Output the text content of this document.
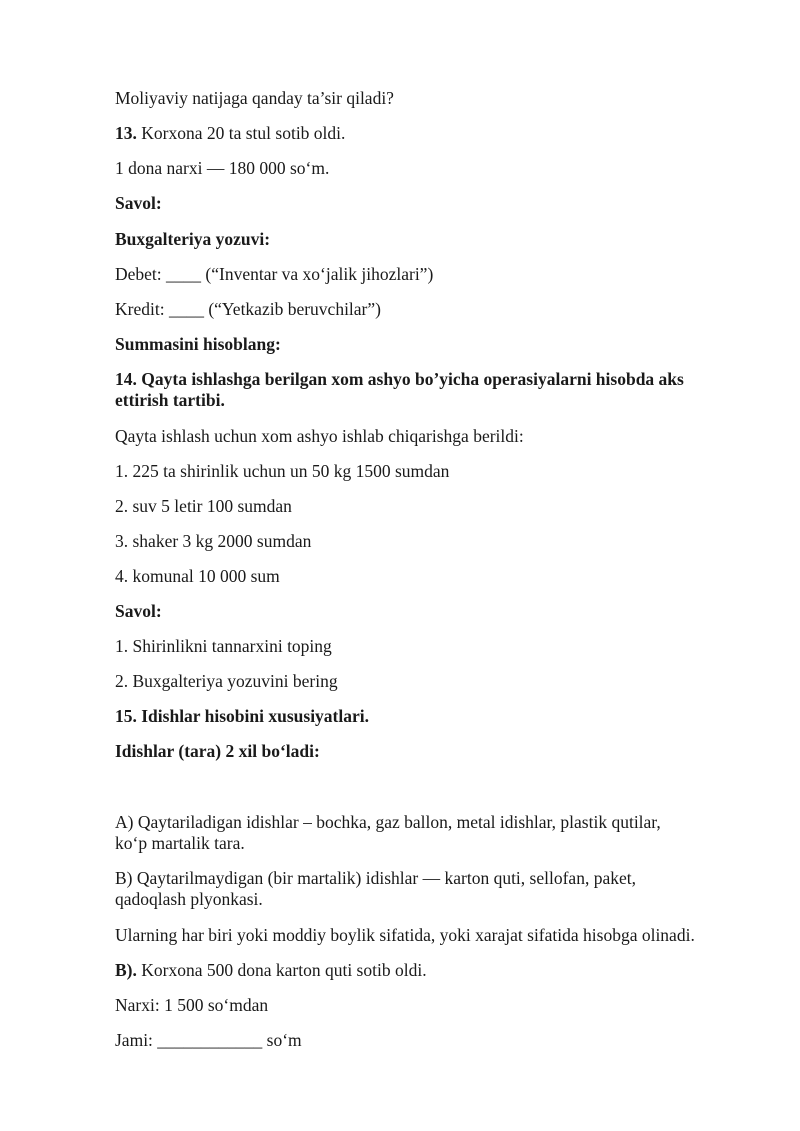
Moliyaviy natijaga qanday ta’sir qiladi?
13. Korxona 20 ta stul sotib oldi.
1 dona narxi — 180 000 so‘m.
Savol:
Buxgalteriya yozuvi:
Debet: ____ (“Inventar va xo‘jalik jihozlari”)
Kredit: ____ (“Yetkazib beruvchilar”)
Summasini hisoblang:
14. Qayta ishlashga berilgan xom ashyo bo’yicha operasiyalarni hisobda aks
ettirish tartibi.
Qayta ishlash uchun xom ashyo ishlab chiqarishga berildi:
1. 225 ta shirinlik uchun un 50 kg 1500 sumdan
2. suv 5 letir 100 sumdan
3. shaker 3 kg 2000 sumdan
4. komunal 10 000 sum
Savol:
1. Shirinlikni tannarxini toping
2. Buxgalteriya yozuvini bering
15. Idishlar hisobini xususiyatlari.
Idishlar (tara) 2 xil bo‘ladi:
A) Qaytariladigan idishlar – bochka, gaz ballon, metal idishlar, plastik qutilar,
ko‘p martalik tara.
B) Qaytarilmaydigan (bir martalik) idishlar — karton quti, sellofan, paket,
qadoqlash plyonkasi.
Ularning har biri yoki moddiy boylik sifatida, yoki xarajat sifatida hisobga olinadi.
B). Korxona 500 dona karton quti sotib oldi.
Narxi: 1 500 so‘mdan
Jami: ____________ so‘m
